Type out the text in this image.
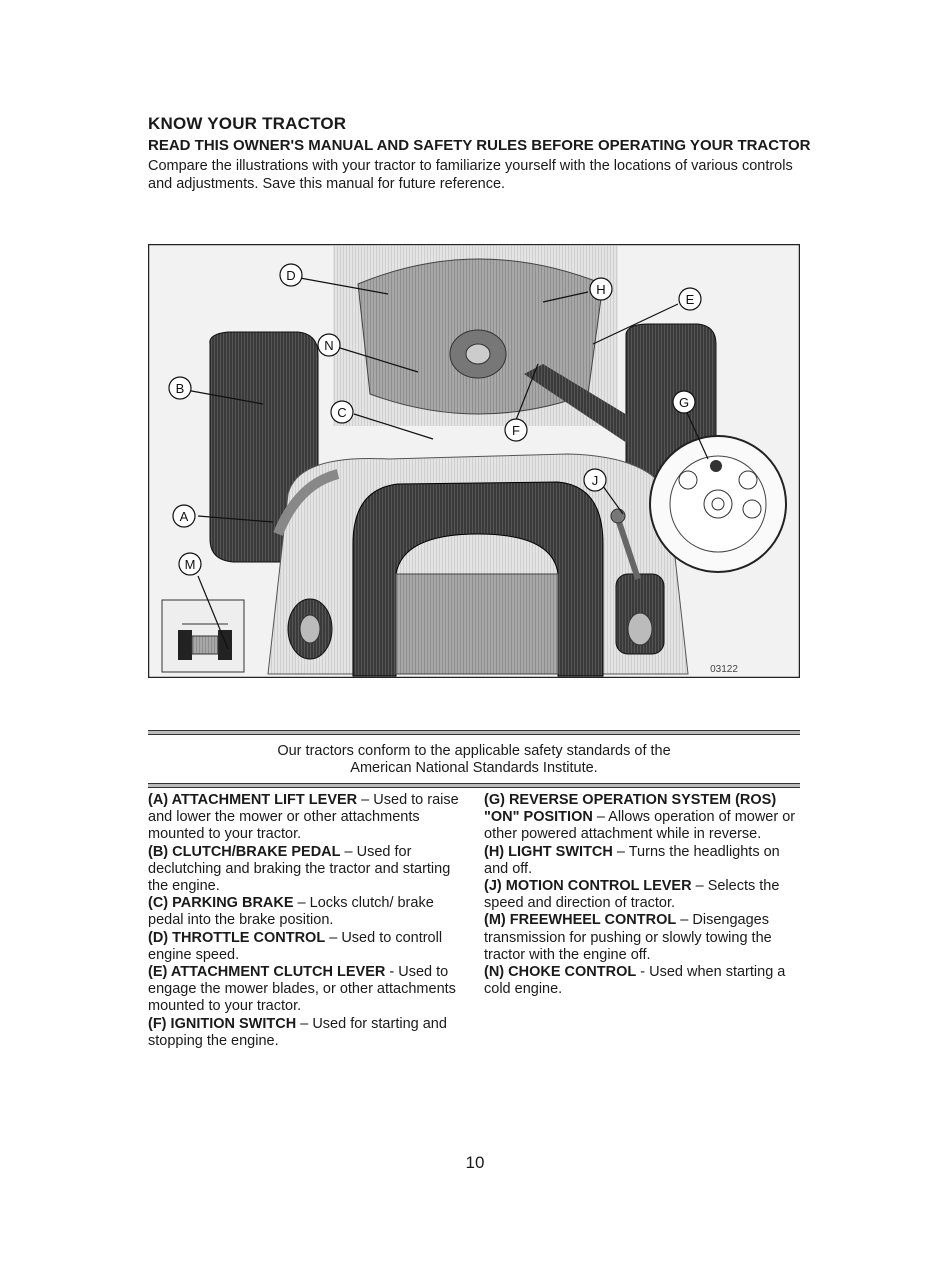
KNOW YOUR TRACTOR
READ THIS OWNER'S MANUAL AND SAFETY RULES BEFORE OPERATING YOUR TRACTOR
Compare the illustrations with your tractor to familiarize yourself with the locations of various controls and adjustments. Save this manual for future reference.
D
H
E
N
B
C
F
G
J
A
M
03122
Our tractors conform to the applicable safety standards of the
American National Standards Institute.

(A) ATTACHMENT LIFT LEVER – Used to raise and lower the mower or other attachments mounted to your tractor.

(B) CLUTCH/BRAKE PEDAL – Used for declutching and braking the tractor and starting the engine.

(C) PARKING BRAKE – Locks clutch/ brake pedal into the brake position.

(D) THROTTLE CONTROL – Used to controll engine speed.

(E) ATTACHMENT CLUTCH LEVER - Used to engage the mower blades, or other attachments mounted to your tractor.

(F) IGNITION SWITCH – Used for starting and stopping the engine.

(G) REVERSE OPERATION SYSTEM (ROS) "ON" POSITION – Allows operation of mower or other powered attachment while in reverse.

(H) LIGHT SWITCH – Turns the headlights on and off.

(J) MOTION CONTROL LEVER – Selects the speed and direction of tractor.

(M) FREEWHEEL CONTROL – Disengages transmission for pushing or slowly towing the tractor with the engine off.

(N) CHOKE CONTROL - Used when starting a cold engine.

10
